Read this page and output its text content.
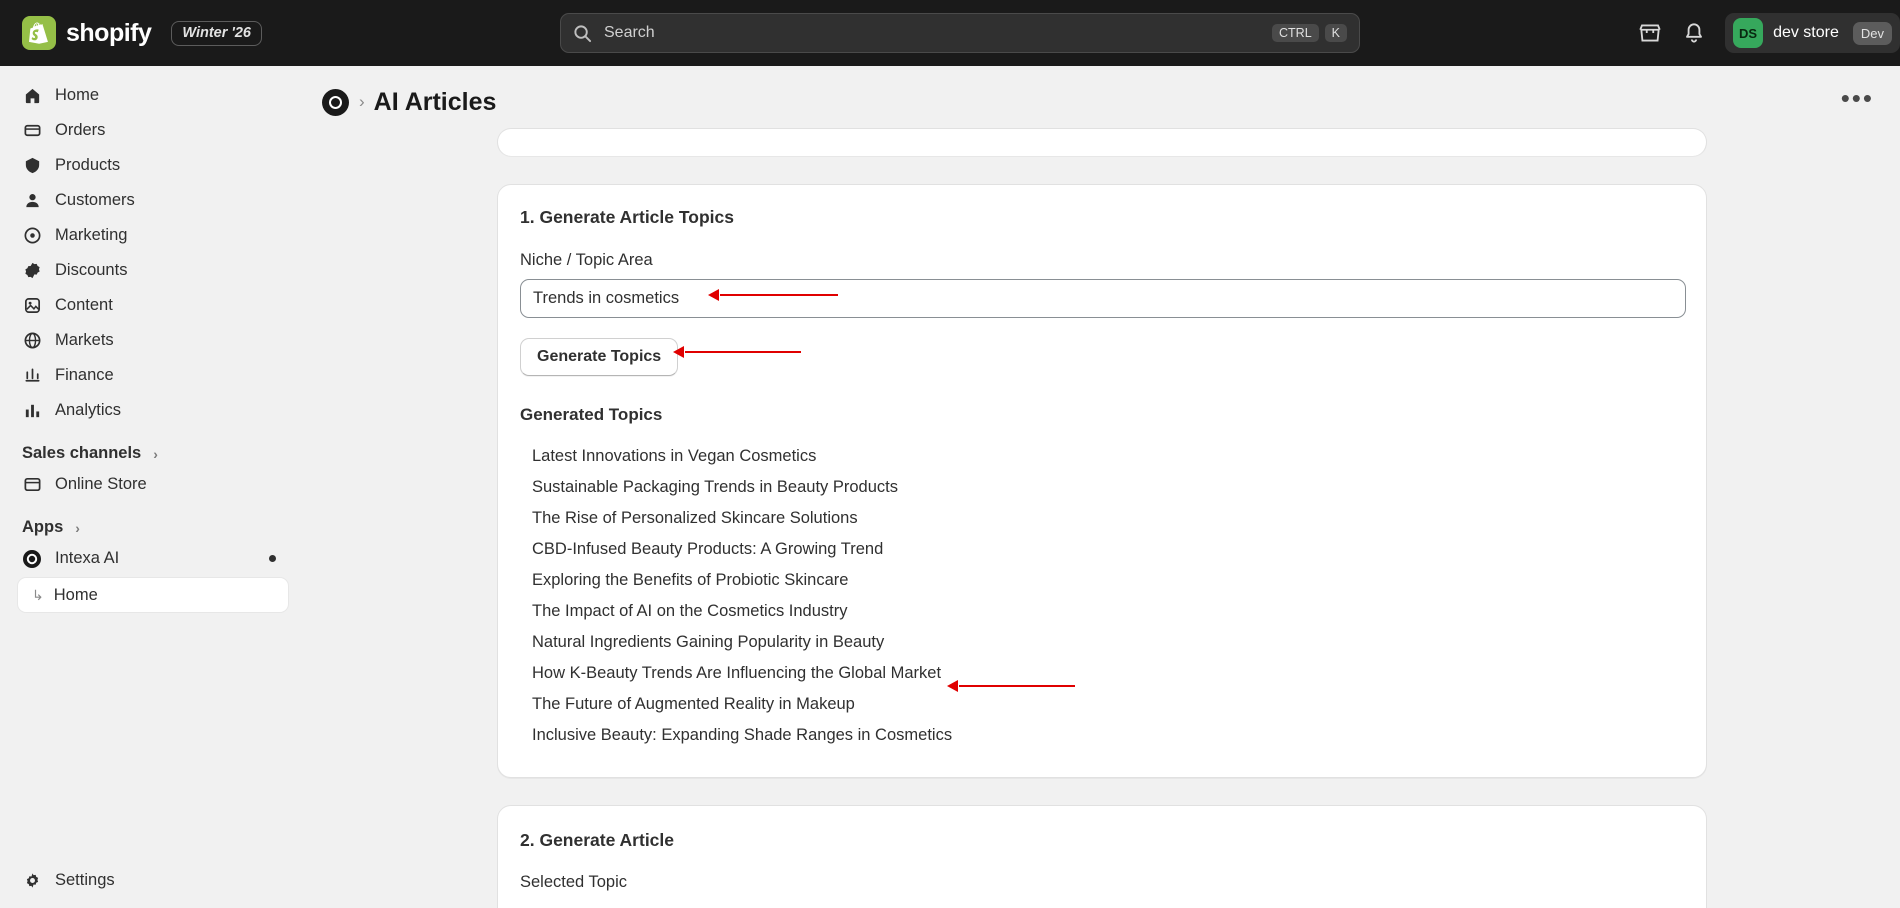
shopify	Winter '26	Search	CTRL	K	DS dev store	Dev
Home
Orders
Products
Customers
Marketing
Discounts
Content
Markets
Finance
Analytics
Sales channels ›
Online Store
Apps ›
Intexa AI
↳ Home
Settings
› AI Articles	•••
1. Generate Article Topics
Niche / Topic Area
Trends in cosmetics
Generate Topics
Generated Topics
Latest Innovations in Vegan Cosmetics
Sustainable Packaging Trends in Beauty Products
The Rise of Personalized Skincare Solutions
CBD-Infused Beauty Products: A Growing Trend
Exploring the Benefits of Probiotic Skincare
The Impact of AI on the Cosmetics Industry
Natural Ingredients Gaining Popularity in Beauty
How K-Beauty Trends Are Influencing the Global Market
The Future of Augmented Reality in Makeup
Inclusive Beauty: Expanding Shade Ranges in Cosmetics
2. Generate Article
Selected Topic
